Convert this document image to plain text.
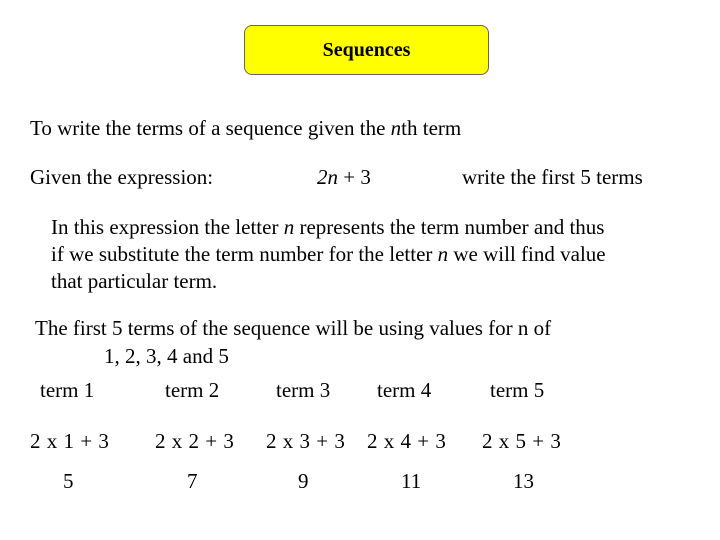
Sequences
To write the terms of a sequence given the nth term
Given the expression:	2n + 3	write the first 5 terms
In this expression the letter n represents the term number and thus
if we substitute the term number for the letter n we will find value
that particular term.
The first 5 terms of the sequence will be using values for n of
1, 2, 3, 4 and 5
term 1	term 2	term 3 term 4	term 5
2 x 1 + 3 2 x 2 + 3 2 x 3 + 3 2 x 4 + 3 2 x 5 + 3
5	7	9	11	13
